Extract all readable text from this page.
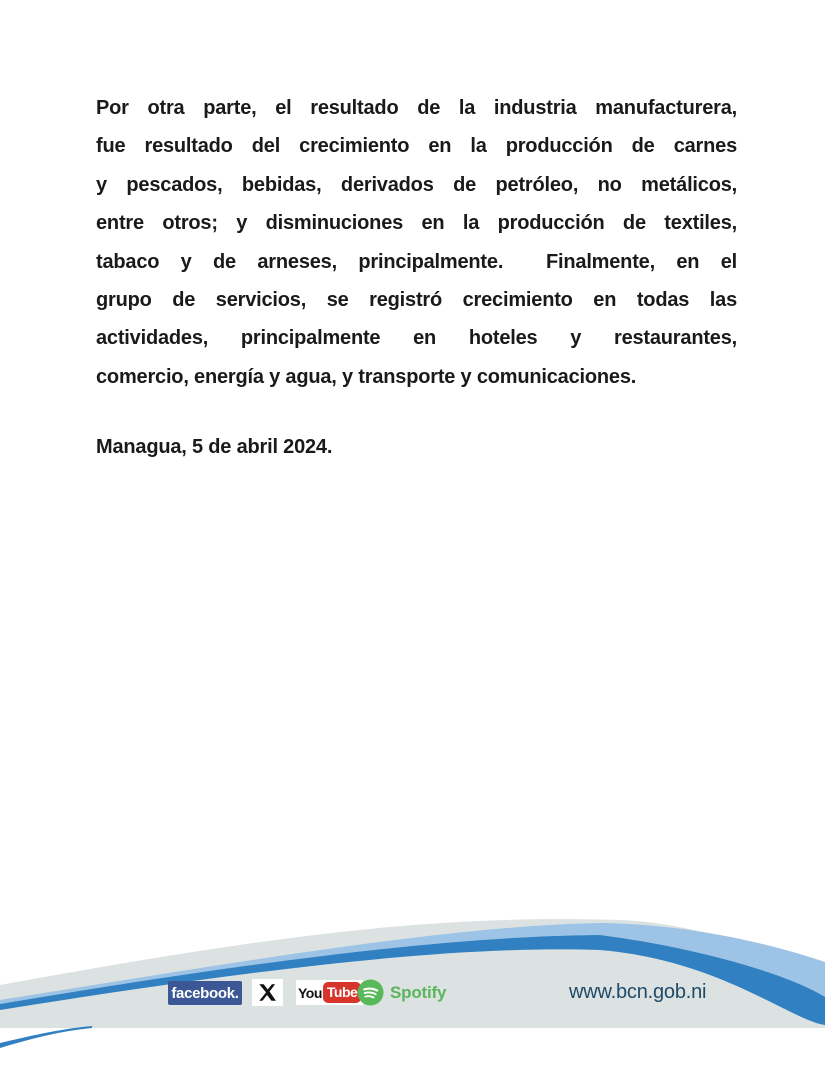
Por otra parte, el resultado de la industria manufacturera,
fue resultado del crecimiento en la producción de carnes
y pescados, bebidas, derivados de petróleo, no metálicos,
entre otros; y disminuciones en la producción de textiles,
tabaco y de arneses, principalmente.  Finalmente, en el
grupo de servicios, se registró crecimiento en todas las
actividades, principalmente en hoteles y restaurantes,
comercio, energía y agua, y transporte y comunicaciones.
Managua, 5 de abril 2024.
facebook.	You Tube Spotify	www.bcn.gob.ni
